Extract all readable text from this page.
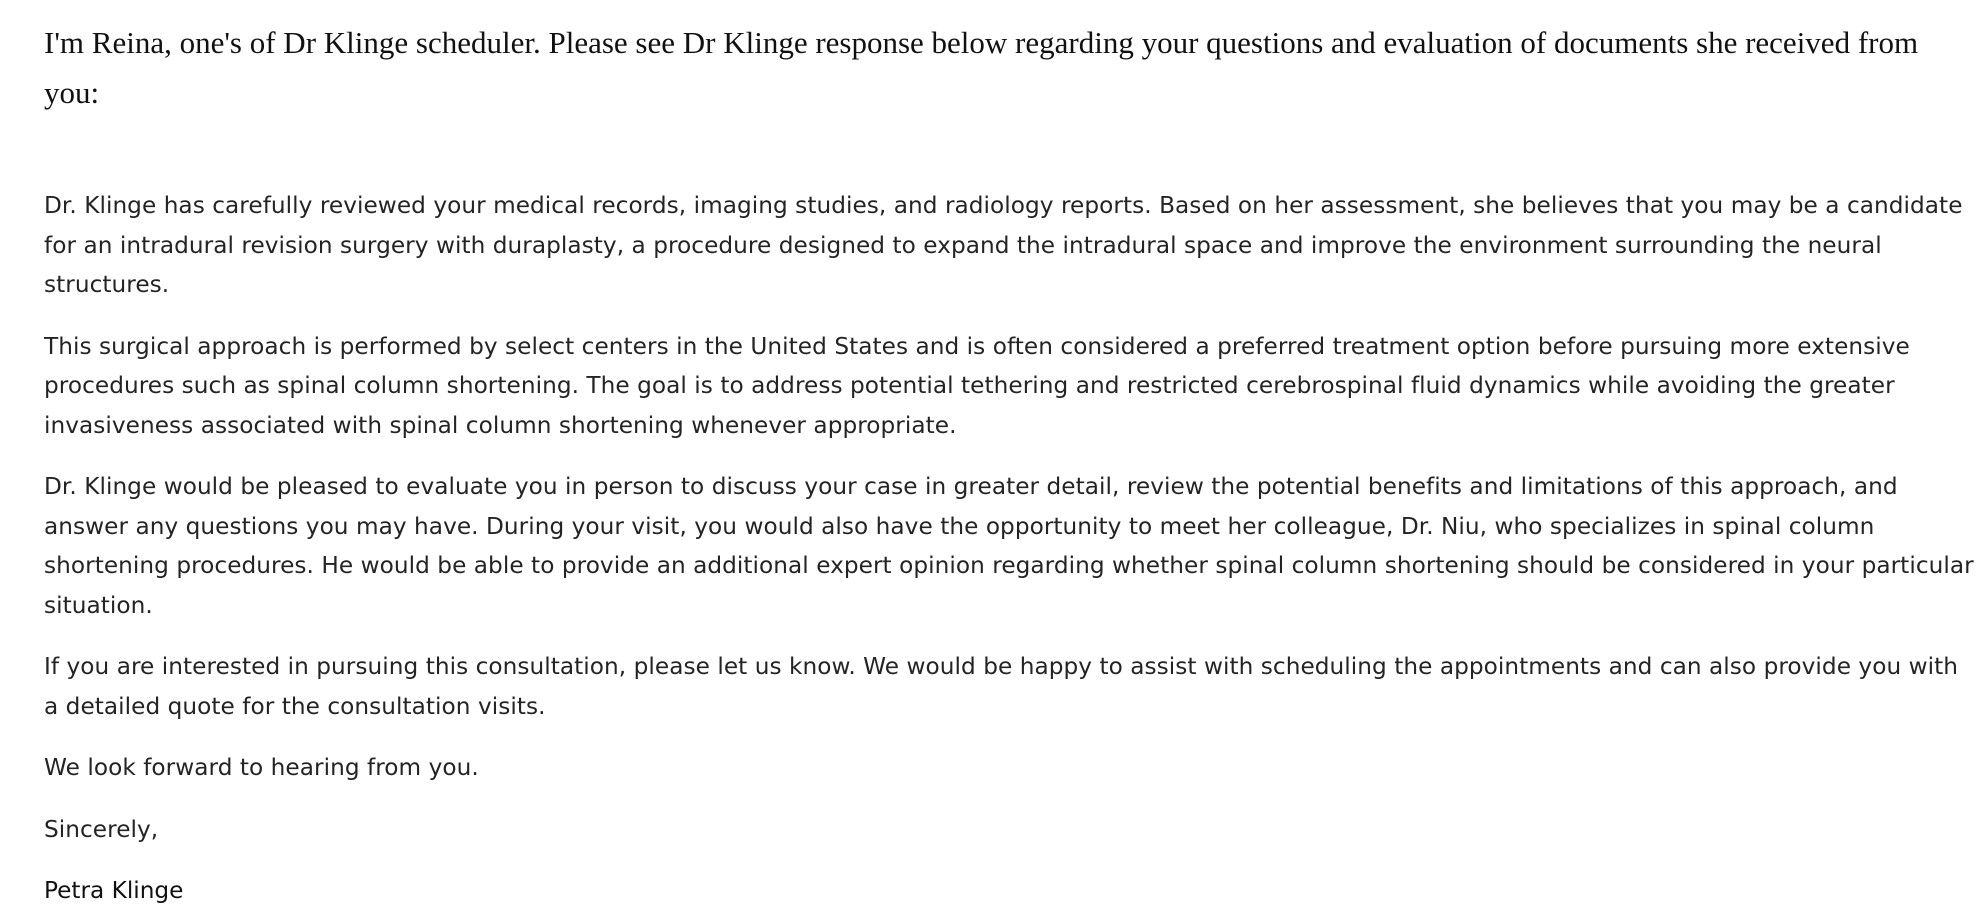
I'm Reina, one's of Dr Klinge scheduler. Please see Dr Klinge response below regarding your questions and evaluation of documents she received from you:

Dr. Klinge has carefully reviewed your medical records, imaging studies, and radiology reports. Based on her assessment, she believes that you may be a candidate for an intradural revision surgery with duraplasty, a procedure designed to expand the intradural space and improve the environment surrounding the neural structures.

This surgical approach is performed by select centers in the United States and is often considered a preferred treatment option before pursuing more extensive procedures such as spinal column shortening. The goal is to address potential tethering and restricted cerebrospinal fluid dynamics while avoiding the greater invasiveness associated with spinal column shortening whenever appropriate.

Dr. Klinge would be pleased to evaluate you in person to discuss your case in greater detail, review the potential benefits and limitations of this approach, and answer any questions you may have. During your visit, you would also have the opportunity to meet her colleague, Dr. Niu, who specializes in spinal column shortening procedures. He would be able to provide an additional expert opinion regarding whether spinal column shortening should be considered in your particular situation.

If you are interested in pursuing this consultation, please let us know. We would be happy to assist with scheduling the appointments and can also provide you with a detailed quote for the consultation visits.

We look forward to hearing from you.

Sincerely,

Petra Klinge
